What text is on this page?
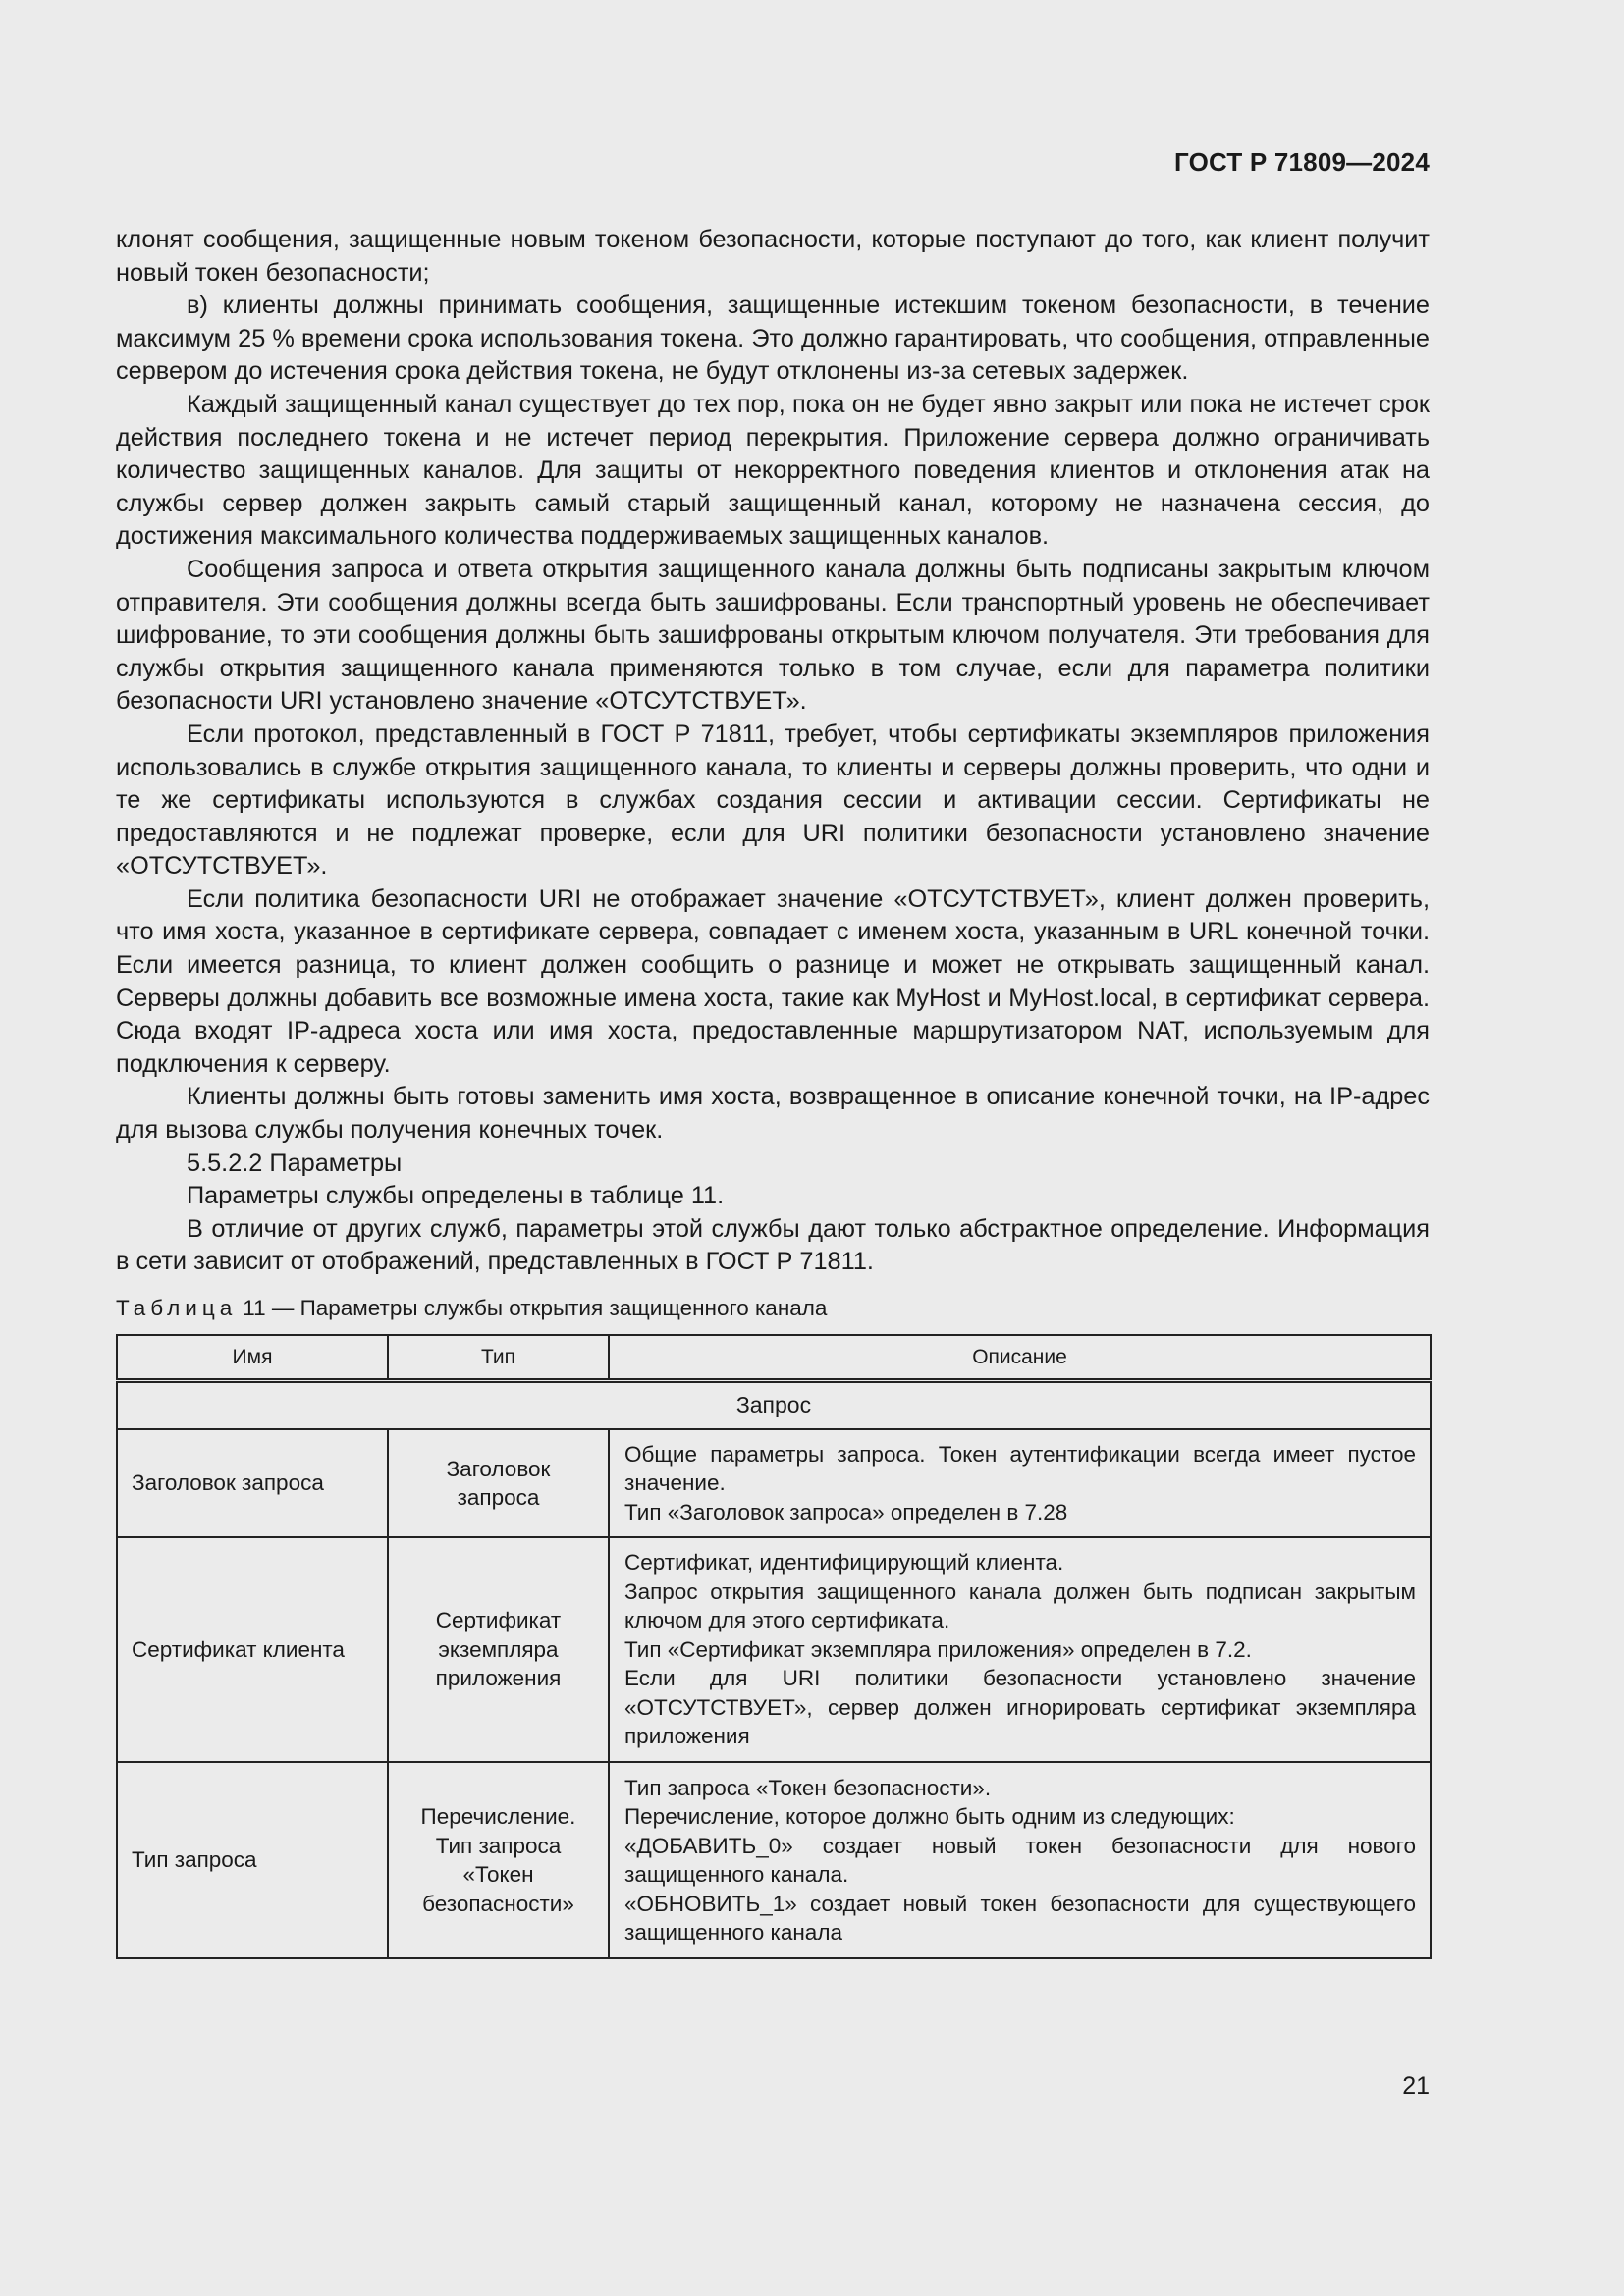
ГОСТ Р 71809—2024

клонят сообщения, защищенные новым токеном безопасности, которые поступают до того, как клиент получит новый токен безопасности;

в) клиенты должны принимать сообщения, защищенные истекшим токеном безопасности, в течение максимум 25 % времени срока использования токена. Это должно гарантировать, что сообщения, отправленные сервером до истечения срока действия токена, не будут отклонены из-за сетевых задержек.

Каждый защищенный канал существует до тех пор, пока он не будет явно закрыт или пока не истечет срок действия последнего токена и не истечет период перекрытия. Приложение сервера должно ограничивать количество защищенных каналов. Для защиты от некорректного поведения клиентов и отклонения атак на службы сервер должен закрыть самый старый защищенный канал, которому не назначена сессия, до достижения максимального количества поддерживаемых защищенных каналов.

Сообщения запроса и ответа открытия защищенного канала должны быть подписаны закрытым ключом отправителя. Эти сообщения должны всегда быть зашифрованы. Если транспортный уровень не обеспечивает шифрование, то эти сообщения должны быть зашифрованы открытым ключом получателя. Эти требования для службы открытия защищенного канала применяются только в том случае, если для параметра политики безопасности URI установлено значение «ОТСУТСТВУЕТ».

Если протокол, представленный в ГОСТ Р 71811, требует, чтобы сертификаты экземпляров приложения использовались в службе открытия защищенного канала, то клиенты и серверы должны проверить, что одни и те же сертификаты используются в службах создания сессии и активации сессии. Сертификаты не предоставляются и не подлежат проверке, если для URI политики безопасности установлено значение «ОТСУТСТВУЕТ».

Если политика безопасности URI не отображает значение «ОТСУТСТВУЕТ», клиент должен проверить, что имя хоста, указанное в сертификате сервера, совпадает с именем хоста, указанным в URL конечной точки. Если имеется разница, то клиент должен сообщить о разнице и может не открывать защищенный канал. Серверы должны добавить все возможные имена хоста, такие как MyHost и MyHost.local, в сертификат сервера. Сюда входят IP-адреса хоста или имя хоста, предоставленные маршрутизатором NAT, используемым для подключения к серверу.

Клиенты должны быть готовы заменить имя хоста, возвращенное в описание конечной точки, на IP-адрес для вызова службы получения конечных точек.

5.5.2.2 Параметры

Параметры службы определены в таблице 11.

В отличие от других служб, параметры этой службы дают только абстрактное определение. Информация в сети зависит от отображений, представленных в ГОСТ Р 71811.

Таблица 11 — Параметры службы открытия защищенного канала
Имя	Тип	Описание
Запрос		
Заголовок запроса	Заголовок запроса	Общие параметры запроса. Токен аутентификации всегда имеет пустое значение.
Тип «Заголовок запроса» определен в 7.28

Сертификат клиента	Сертификат экземпляра приложения	Сертификат, идентифицирующий клиента.
Запрос открытия защищенного канала должен быть подписан закрытым ключом для этого сертификата.
Тип «Сертификат экземпляра приложения» определен в 7.2.
Если для URI политики безопасности установлено значение «ОТСУТСТВУЕТ», сервер должен игнорировать сертификат экземпляра приложения

Тип запроса	Перечисление. Тип запроса «Токен безопасности»	Тип запроса «Токен безопасности».
Перечисление, которое должно быть одним из следующих:
«ДОБАВИТЬ_0» создает новый токен безопасности для нового защищенного канала.
«ОБНОВИТЬ_1» создает новый токен безопасности для существующего защищенного канала
21
